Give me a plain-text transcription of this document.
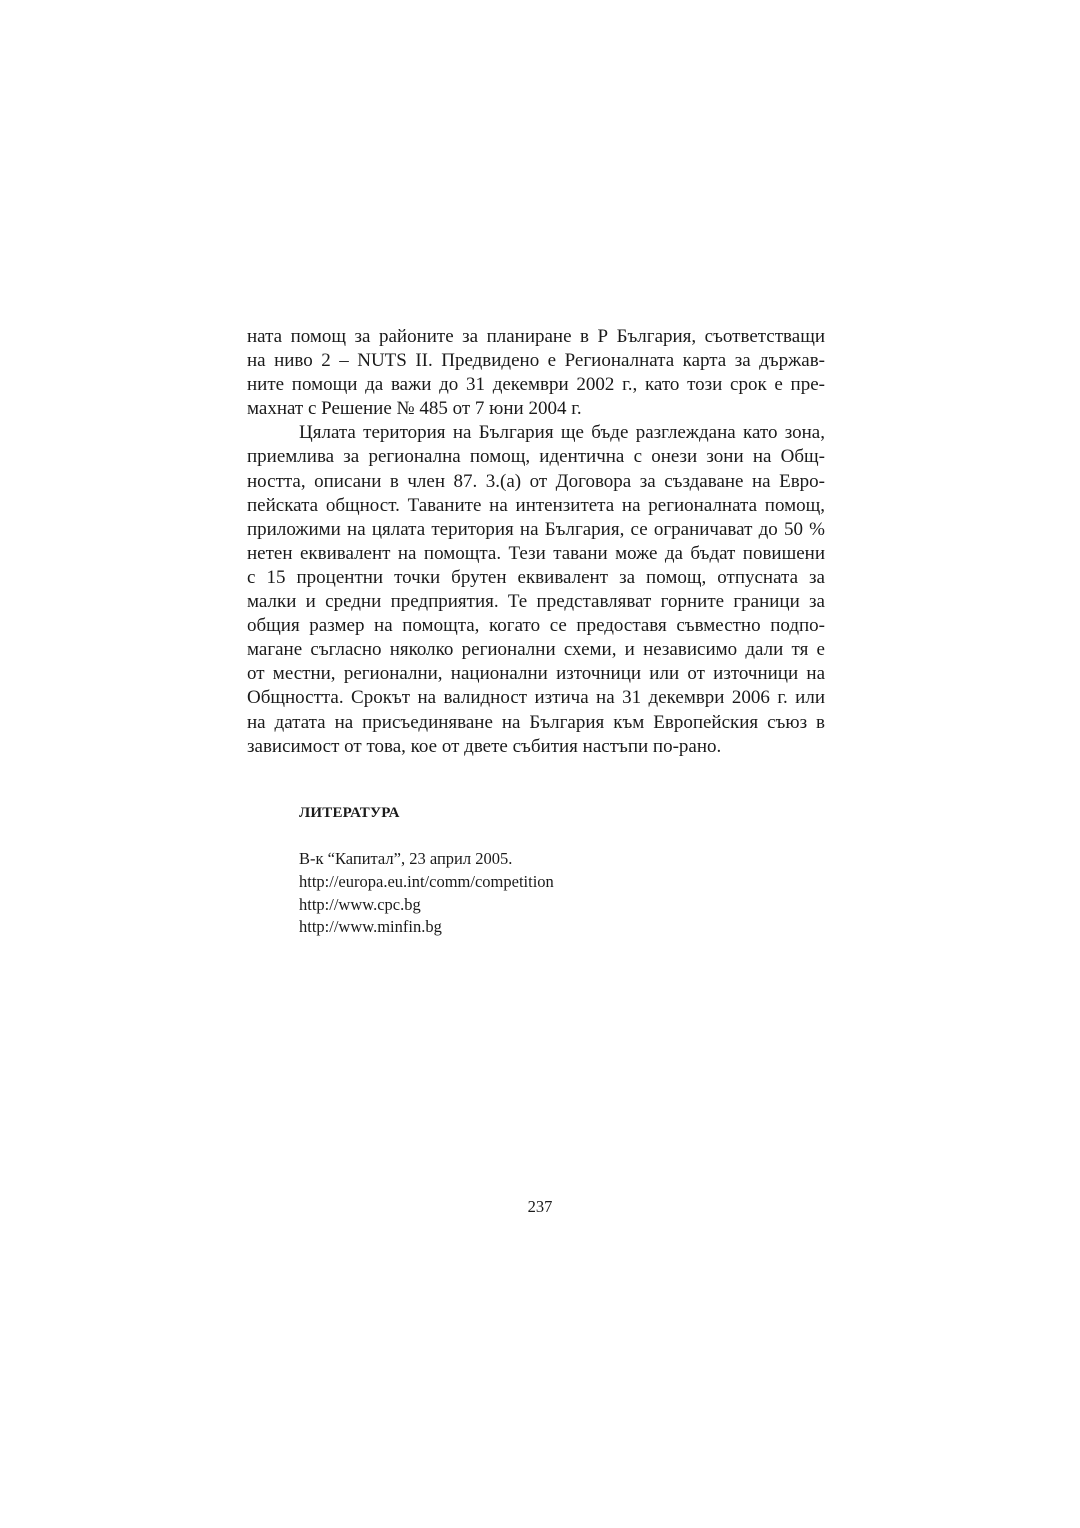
ната помощ за районите за планиране в Р България, съответстващи
на ниво 2 – NUTS II. Предвидено е Регионалната карта за държав-
ните помощи да важи до 31 декември 2002 г., като този срок е пре-
махнат с Решение № 485 от 7 юни 2004 г.
Цялата територия на България ще бъде разглеждана като зона,
приемлива за регионална помощ, идентична с онези зони на Общ-
ността, описани в член 87. 3.(а) от Договора за създаване на Евро-
пейската общност. Таваните на интензитета на регионалната помощ,
приложими на цялата територия на България, се ограничават до 50 %
нетен еквивалент на помощта. Тези тавани може да бъдат повишени
с 15 процентни точки брутен еквивалент за помощ, отпусната за
малки и средни предприятия. Те представляват горните граници за
общия размер на помощта, когато се предоставя съвместно подпо-
магане съгласно няколко регионални схеми, и независимо дали тя е
от местни, регионални, национални източници или от източници на
Общността. Срокът на валидност изтича на 31 декември 2006 г. или
на датата на присъединяване на България към Европейския съюз в
зависимост от това, кое от двете събития настъпи по-рано.
ЛИТЕРАТУРА
В-к “Капитал”, 23 април 2005.
http://europa.eu.int/comm/competition
http://www.cpc.bg
http://www.minfin.bg
237
